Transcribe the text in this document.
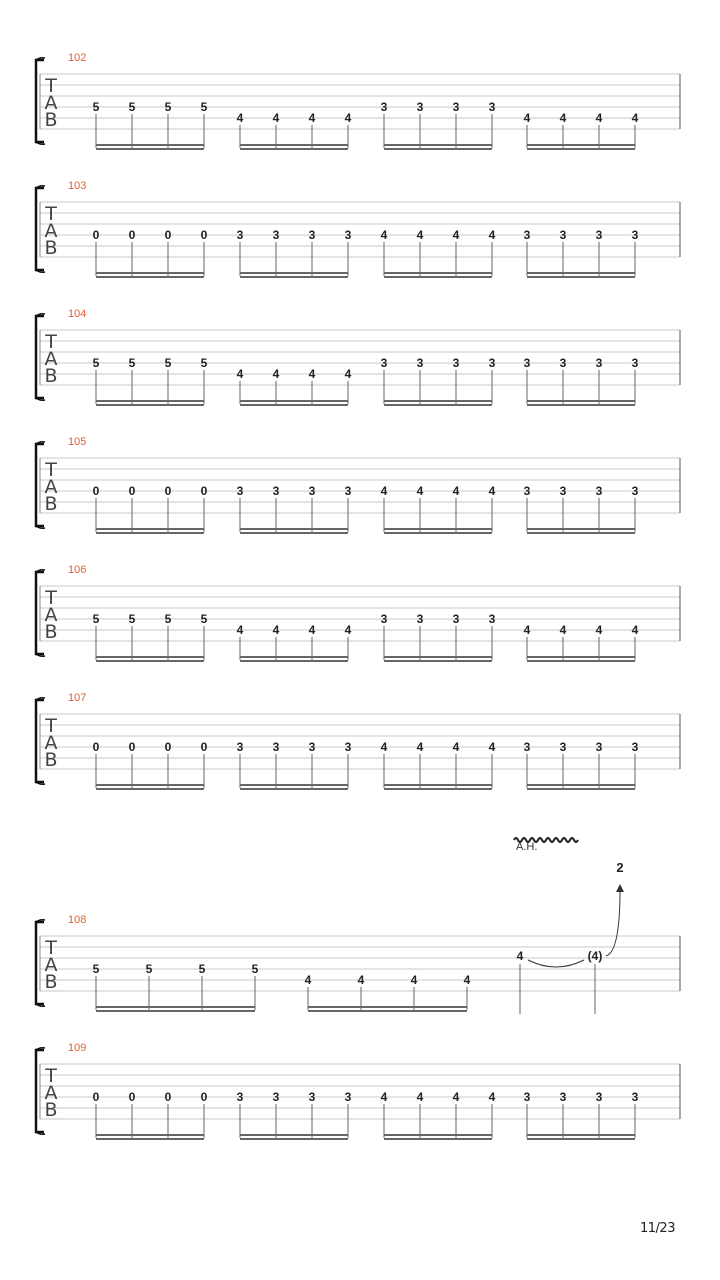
102
T
A
B
5 5 5 5
4 4 4 4
3 3 3 3
4 4 4 4
103
T
A
B
0 0 0 0 3 3 3 3 4 4 4 4 3 3 3 3
104
T
A
B
5 5 5 5
4 4 4 4
3 3 3 3 3 3 3 3
105
T
A
B
0 0 0 0 3 3 3 3 4 4 4 4 3 3 3 3
106
T
A
B
5 5 5 5
4 4 4 4
3 3 3 3
4 4 4 4
107
T
A
B
0 0 0 0 3 3 3 3 4 4 4 4 3 3 3 3
108
T
A
B
5	5	5	5
4	4	4	4
4	(4)
2
A.H.
109
T
A
B
0 0 0 0 3 3 3 3 4 4 4 4 3 3 3 3
11/23
